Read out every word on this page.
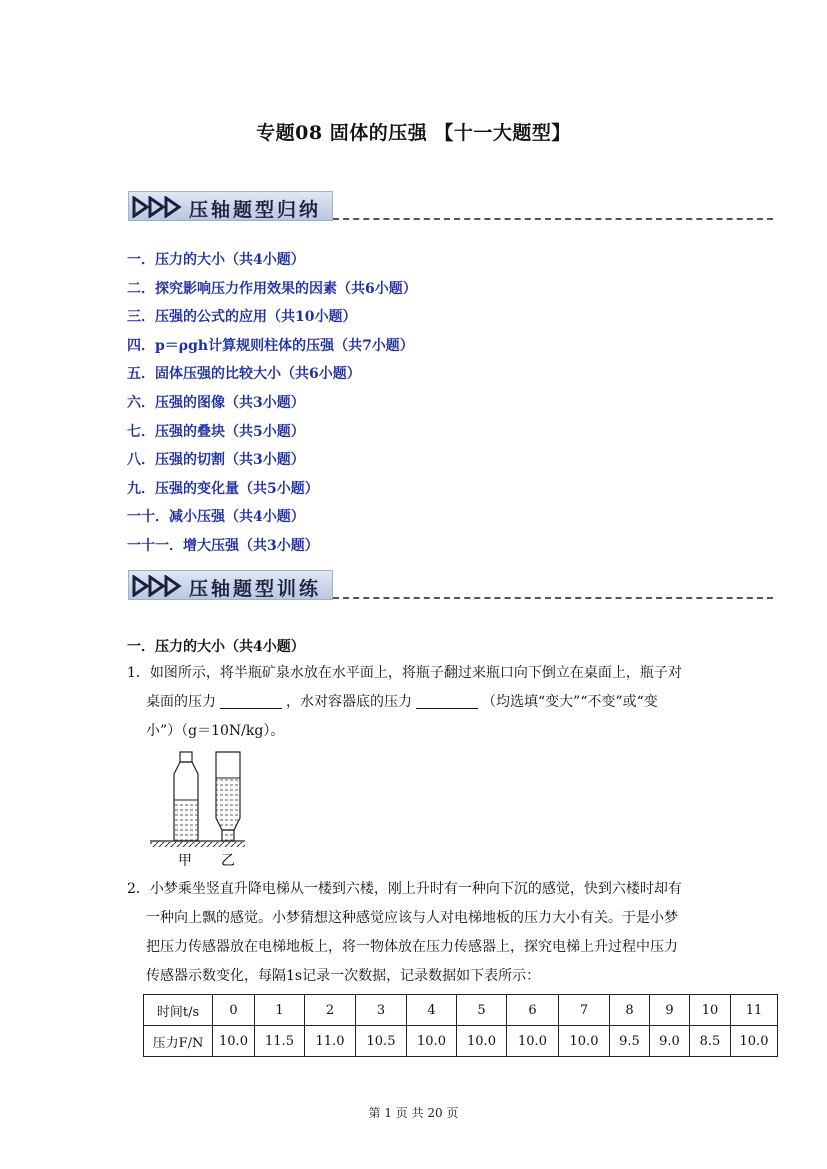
专题08 固体的压强 【十一大题型】
压轴题型归纳
一．压力的大小（共4小题）
二．探究影响压力作用效果的因素（共6小题）
三．压强的公式的应用（共10小题）
四．p＝ρgh计算规则柱体的压强（共7小题）
五．固体压强的比较大小（共6小题）
六．压强的图像（共3小题）
七．压强的叠块（共5小题）
八．压强的切割（共3小题）
九．压强的变化量（共5小题）
一十．减小压强（共4小题）
一十一．增大压强（共3小题）
压轴题型训练
一．压力的大小（共4小题）
1．如图所示，将半瓶矿泉水放在水平面上，将瓶子翻过来瓶口向下倒立在桌面上，瓶子对
桌面的压力	，水对容器底的压力	（均选填“变大”“不变”或“变
小”）（g＝10N/kg）。
甲 乙
2．小梦乘坐竖直升降电梯从一楼到六楼，刚上升时有一种向下沉的感觉，快到六楼时却有
一种向上飘的感觉。小梦猜想这种感觉应该与人对电梯地板的压力大小有关。于是小梦
把压力传感器放在电梯地板上，将一物体放在压力传感器上，探究电梯上升过程中压力
传感器示数变化，每隔1s记录一次数据，记录数据如下表所示：
时间t/s	0	1	2	3	4	5	6	7	8	9	10	11
压力F/N	10.0	11.5	11.0	10.5	10.0	10.0	10.0	10.0	9.5	9.0	8.5	10.0
第 1 页 共 20 页
